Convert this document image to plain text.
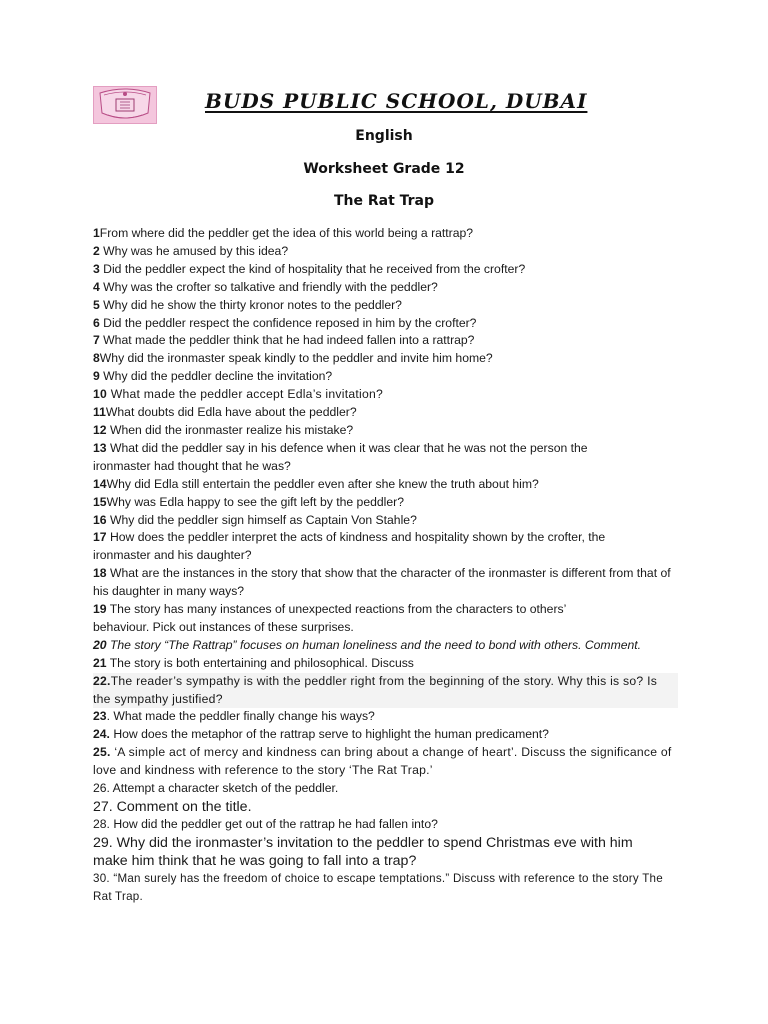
BUDS PUBLIC SCHOOL, DUBAI
English
Worksheet Grade 12
The Rat Trap
1From where did the peddler get the idea of this world being a rattrap?
2 Why was he amused by this idea?
3 Did the peddler expect the kind of hospitality that he received from the crofter?
4 Why was the crofter so talkative and friendly with the peddler?
5 Why did he show the thirty kronor notes to the peddler?
6 Did the peddler respect the confidence reposed in him by the crofter?
7 What made the peddler think that he had indeed fallen into a rattrap?
8Why did the ironmaster speak kindly to the peddler and invite him home?
9 Why did the peddler decline the invitation?
10 What made the peddler accept Edla’s invitation?
11What doubts did Edla have about the peddler?
12 When did the ironmaster realize his mistake?
13 What did the peddler say in his defence when it was clear that he was not the person the ironmaster had thought that he was?
14Why did Edla still entertain the peddler even after she knew the truth about him?
15Why was Edla happy to see the gift left by the peddler?
16 Why did the peddler sign himself as Captain Von Stahle?
17 How does the peddler interpret the acts of kindness and hospitality shown by the crofter, the ironmaster and his daughter?
18 What are the instances in the story that show that the character of the ironmaster is different from that of his daughter in many ways?
19 The story has many instances of unexpected reactions from the characters to others’ behaviour. Pick out instances of these surprises.
20 The story “The Rattrap” focuses on human loneliness and the need to bond with others. Comment.
21 The story is both entertaining and philosophical. Discuss
22.The reader’s sympathy is with the peddler right from the beginning of the story. Why this is so? Is the sympathy justified?
23. What made the peddler finally change his ways?
24. How does the metaphor of the rattrap serve to highlight the human predicament?
25. ‘A simple act of mercy and kindness can bring about a change of heart’. Discuss the significance of love and kindness with reference to the story ‘The Rat Trap.’
26. Attempt a character sketch of the peddler.
27. Comment on the title.
28. How did the peddler get out of the rattrap he had fallen into?
29. Why did the ironmaster’s invitation to the peddler to spend Christmas eve with him make him think that he was going to fall into a trap?
30. “Man surely has the freedom of choice to escape temptations.” Discuss with reference to the story The Rat Trap.
